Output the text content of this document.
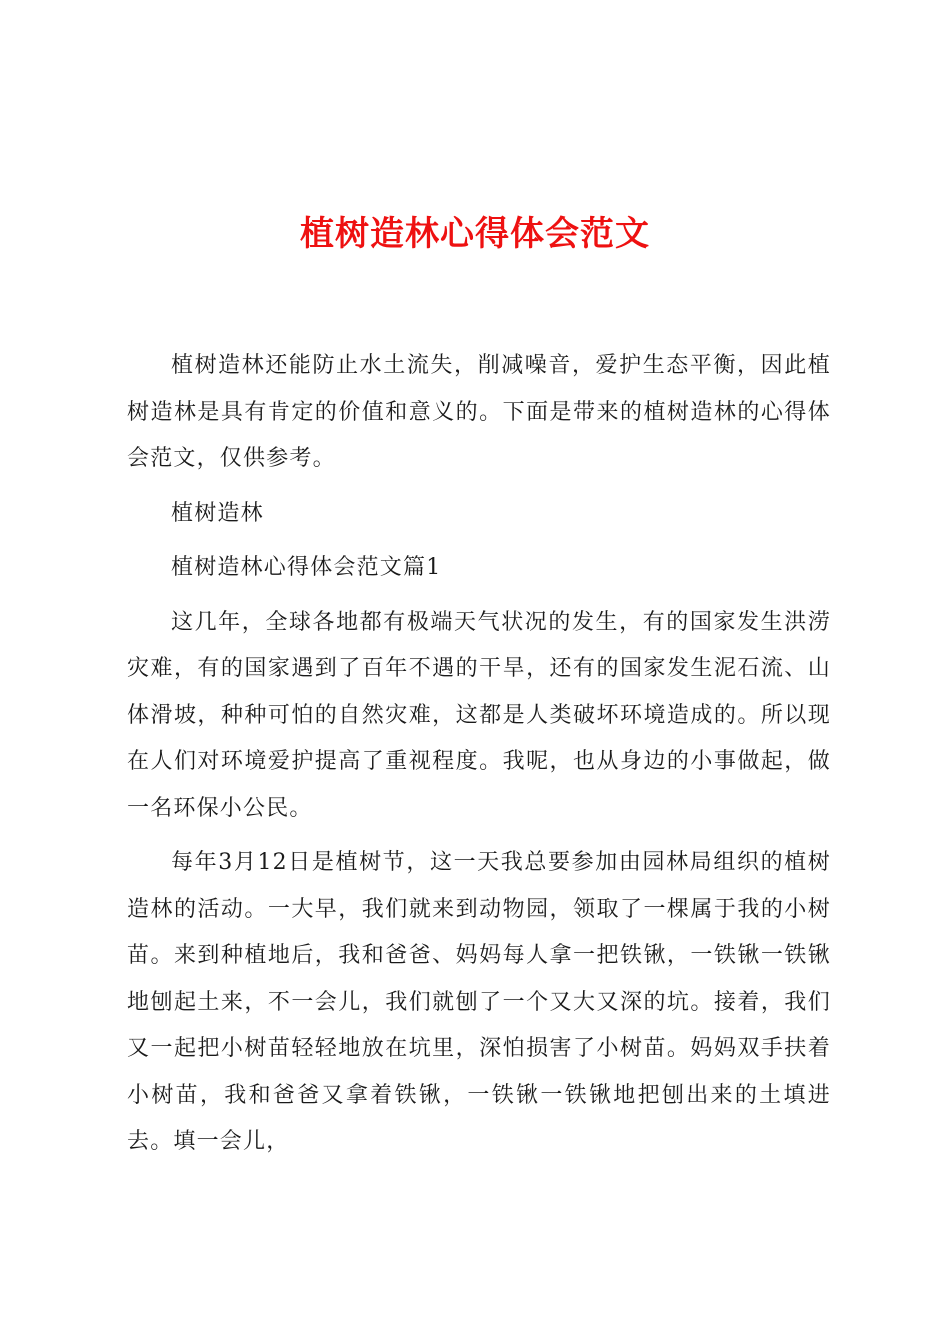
植树造林心得体会范文

植树造林还能防止水土流失，削减噪音，爱护生态平衡，因此植树造林是具有肯定的价值和意义的。下面是带来的植树造林的心得体会范文，仅供参考。

植树造林

植树造林心得体会范文篇1

这几年，全球各地都有极端天气状况的发生，有的国家发生洪涝灾难，有的国家遇到了百年不遇的干旱，还有的国家发生泥石流、山体滑坡，种种可怕的自然灾难，这都是人类破坏环境造成的。所以现在人们对环境爱护提高了重视程度。我呢，也从身边的小事做起，做一名环保小公民。

每年3月12日是植树节，这一天我总要参加由园林局组织的植树造林的活动。一大早，我们就来到动物园，领取了一棵属于我的小树苗。来到种植地后，我和爸爸、妈妈每人拿一把铁锹，一铁锹一铁锹地刨起土来，不一会儿，我们就刨了一个又大又深的坑。接着，我们又一起把小树苗轻轻地放在坑里，深怕损害了小树苗。妈妈双手扶着小树苗，我和爸爸又拿着铁锹，一铁锹一铁锹地把刨出来的土填进去。填一会儿，
